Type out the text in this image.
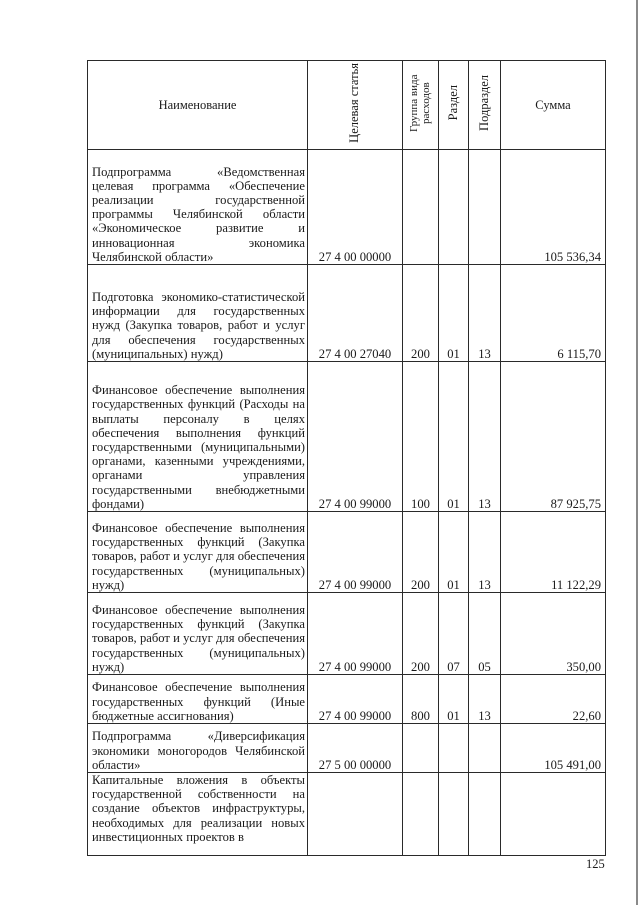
Наименование	Целевая статья	Группа вида расходов	Раздел	Подраздел	Сумма
Подпрограмма «Ведомственная целевая программа «Обеспечение реализации государственной программы Челябинской области «Экономическое развитие и инновационная экономика Челябинской области»	27 4 00 00000				105 536,34
Подготовка экономико-статистической информации для государственных нужд (Закупка товаров, работ и услуг для обеспечения государственных (муниципальных) нужд)	27 4 00 27040	200	01	13	6 115,70
Финансовое обеспечение выполнения государственных функций (Расходы на выплаты персоналу в целях обеспечения выполнения функций государственными (муниципальными) органами, казенными учреждениями, органами управления государственными внебюджетными фондами)	27 4 00 99000	100	01	13	87 925,75
Финансовое обеспечение выполнения государственных функций (Закупка товаров, работ и услуг для обеспечения государственных (муниципальных) нужд)	27 4 00 99000	200	01	13	11 122,29
Финансовое обеспечение выполнения государственных функций (Закупка товаров, работ и услуг для обеспечения государственных (муниципальных) нужд)	27 4 00 99000	200	07	05	350,00
Финансовое обеспечение выполнения государственных функций (Иные бюджетные ассигнования)	27 4 00 99000	800	01	13	22,60
Подпрограмма «Диверсификация экономики моногородов Челябинской области»	27 5 00 00000				105 491,00
Капитальные вложения в объекты государственной собственности на создание объектов инфраструктуры, необходимых для реализации новых инвестиционных проектов в					
125
